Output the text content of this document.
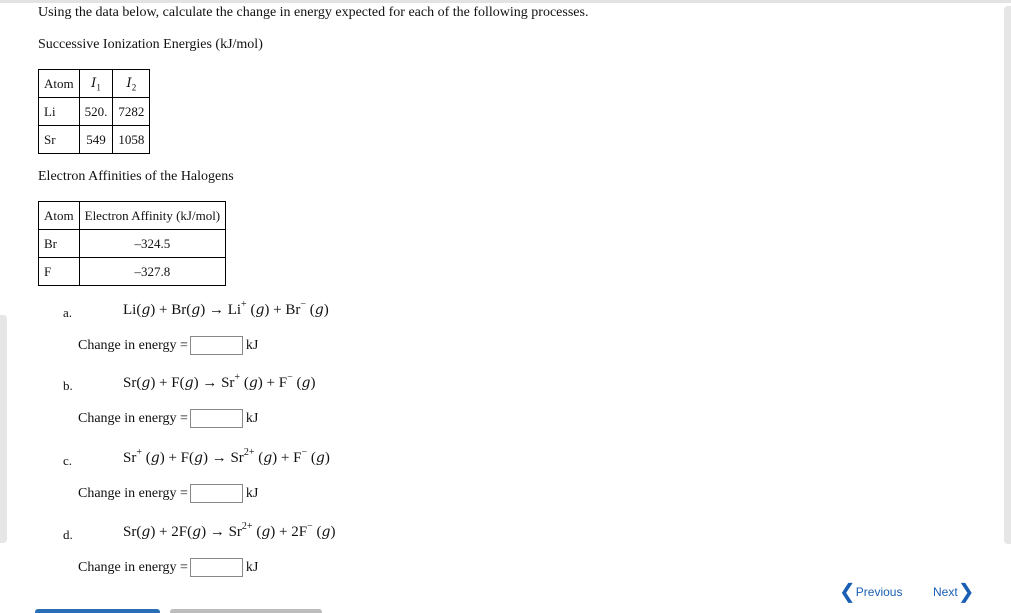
Using the data below, calculate the change in energy expected for each of the following processes.
Successive Ionization Energies (kJ/mol)
Atom	$I_1$	$I_2$
Li	520.	7282
Sr	549	1058
Electron Affinities of the Halogens
Atom	Electron Affinity (kJ/mol)
Br	–324.5
F	–327.8
a.	Li(g) + Br(g) → Li+ (g) + Br− (g)
Change in energy =	kJ
b.	Sr(g) + F(g) → Sr+ (g) + F− (g)
Change in energy =	kJ
c.	Sr+ $(g) + F(g) \to Sr^{2+}$ (g) + F− (g)
Change in energy =	kJ
d.	$Sr(g) + 2F(g) \to Sr^{2+}$ (g) + 2F− (g)
Change in energy =	kJ
❮ Previous	Next ❯
